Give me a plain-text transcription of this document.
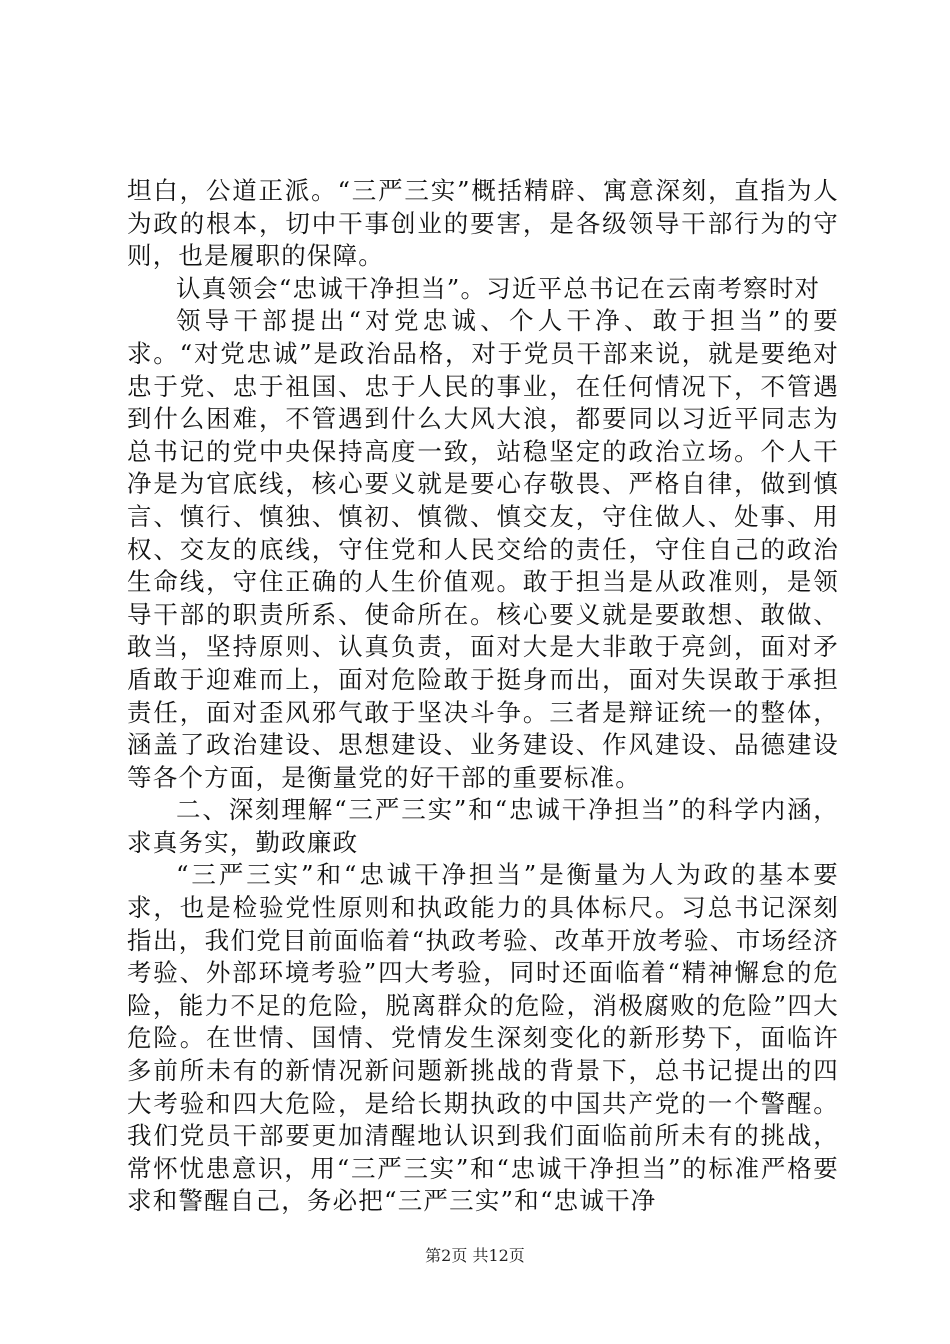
坦白，公道正派。“三严三实”概括精辟、寓意深刻，直指为人为政的根本，切中干事创业的要害，是各级领导干部行为的守则，也是履职的保障。

认真领会“忠诚干净担当”。习近平总书记在云南考察时对

领导干部提出“对党忠诚、个人干净、敢于担当”的要求。“对党忠诚”是政治品格，对于党员干部来说，就是要绝对忠于党、忠于祖国、忠于人民的事业，在任何情况下，不管遇到什么困难，不管遇到什么大风大浪，都要同以习近平同志为总书记的党中央保持高度一致，站稳坚定的政治立场。个人干净是为官底线，核心要义就是要心存敬畏、严格自律，做到慎言、慎行、慎独、慎初、慎微、慎交友，守住做人、处事、用权、交友的底线，守住党和人民交给的责任，守住自己的政治生命线，守住正确的人生价值观。敢于担当是从政准则，是领导干部的职责所系、使命所在。核心要义就是要敢想、敢做、敢当，坚持原则、认真负责，面对大是大非敢于亮剑，面对矛盾敢于迎难而上，面对危险敢于挺身而出，面对失误敢于承担责任，面对歪风邪气敢于坚决斗争。三者是辩证统一的整体，涵盖了政治建设、思想建设、业务建设、作风建设、品德建设等各个方面，是衡量党的好干部的重要标准。

二、深刻理解“三严三实”和“忠诚干净担当”的科学内涵，求真务实，勤政廉政

“三严三实”和“忠诚干净担当”是衡量为人为政的基本要求，也是检验党性原则和执政能力的具体标尺。习总书记深刻指出，我们党目前面临着“执政考验、改革开放考验、市场经济考验、外部环境考验”四大考验，同时还面临着“精神懈怠的危险，能力不足的危险，脱离群众的危险，消极腐败的危险”四大危险。在世情、国情、党情发生深刻变化的新形势下，面临许多前所未有的新情况新问题新挑战的背景下，总书记提出的四大考验和四大危险，是给长期执政的中国共产党的一个警醒。我们党员干部要更加清醒地认识到我们面临前所未有的挑战，常怀忧患意识，用“三严三实”和“忠诚干净担当”的标准严格要求和警醒自己，务必把“三严三实”和“忠诚干净

第2页 共12页
